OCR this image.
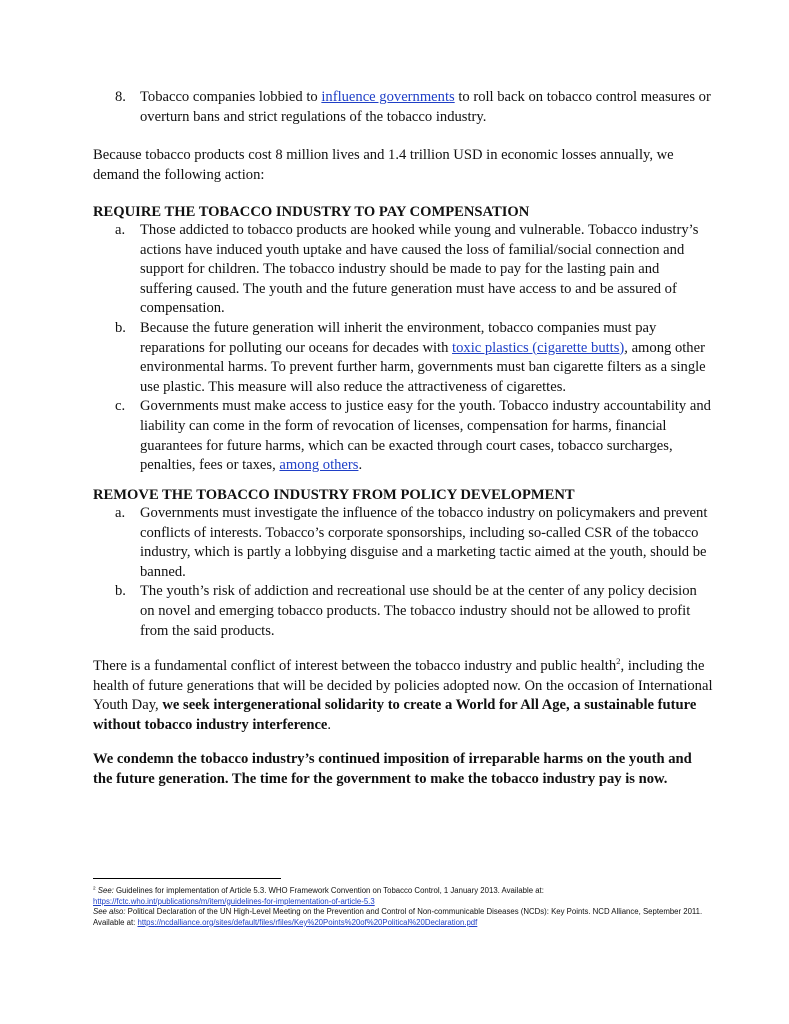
8. Tobacco companies lobbied to influence governments to roll back on tobacco control measures or overturn bans and strict regulations of the tobacco industry.

Because tobacco products cost 8 million lives and 1.4 trillion USD in economic losses annually, we demand the following action:

REQUIRE THE TOBACCO INDUSTRY TO PAY COMPENSATION
a. Those addicted to tobacco products are hooked while young and vulnerable. Tobacco industry’s actions have induced youth uptake and have caused the loss of familial/social connection and support for children. The tobacco industry should be made to pay for the lasting pain and suffering caused. The youth and the future generation must have access to and be assured of compensation.
b. Because the future generation will inherit the environment, tobacco companies must pay reparations for polluting our oceans for decades with toxic plastics (cigarette butts), among other environmental harms. To prevent further harm, governments must ban cigarette filters as a single use plastic. This measure will also reduce the attractiveness of cigarettes.
c. Governments must make access to justice easy for the youth. Tobacco industry accountability and liability can come in the form of revocation of licenses, compensation for harms, financial guarantees for future harms, which can be exacted through court cases, tobacco surcharges, penalties, fees or taxes, among others.
REMOVE THE TOBACCO INDUSTRY FROM POLICY DEVELOPMENT
a. Governments must investigate the influence of the tobacco industry on policymakers and prevent conflicts of interests. Tobacco’s corporate sponsorships, including so-called CSR of the tobacco industry, which is partly a lobbying disguise and a marketing tactic aimed at the youth, should be banned.
b. The youth’s risk of addiction and recreational use should be at the center of any policy decision on novel and emerging tobacco products. The tobacco industry should not be allowed to profit from the said products.

There is a fundamental conflict of interest between the tobacco industry and public health$^2$, including the health of future generations that will be decided by policies adopted now. On the occasion of International Youth Day, we seek intergenerational solidarity to create a World for All Age, a sustainable future without tobacco industry interference.

We condemn the tobacco industry’s continued imposition of irreparable harms on the youth and the future generation. The time for the government to make the tobacco industry pay is now.

$^2$ See: Guidelines for implementation of Article 5.3. WHO Framework Convention on Tobacco Control, 1 January 2013. Available at:
https://fctc.who.int/publications/m/item/guidelines-for-implementation-of-article-5.3
See also: Political Declaration of the UN High-Level Meeting on the Prevention and Control of Non-communicable Diseases (NCDs): Key Points. NCD Alliance, September 2011. Available at: https://ncdalliance.org/sites/default/files/rfiles/Key%20Points%20of%20Political%20Declaration.pdf
